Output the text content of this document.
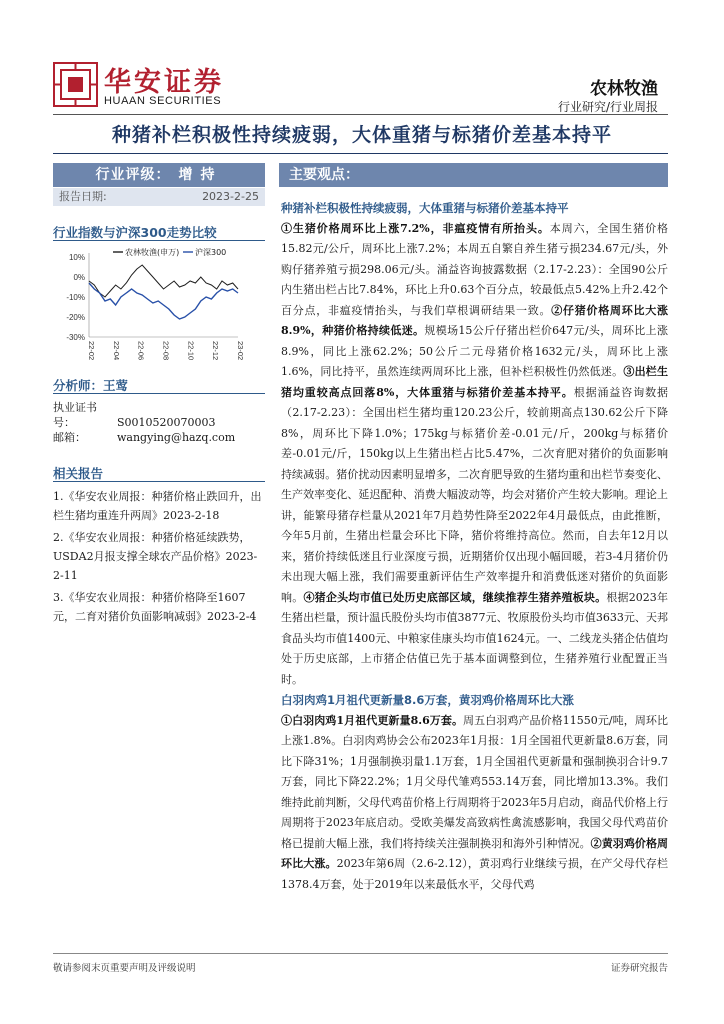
华安证券
HUAAN SECURITIES
农林牧渔
行业研究/行业周报
种猪补栏积极性持续疲弱，大体重猪与标猪价差基本持平
行业评级： 增持
报告日期:	2023-2-25
行业指数与沪深300走势比较
10%
0%
-10%
-20%
-30%
22-02 22-04 22-06 22-08 22-10 22-12 23-02
农林牧渔(申万) 沪深300
分析师：王莺
执业证书号：	S0010520070003
邮箱：	wangying@hazq.com
相关报告
1.《华安农业周报：种猪价格止跌回升，出栏生猪均重连升两周》2023-2-18
2.《华安农业周报：种猪价格延续跌势，USDA2月报支撑全球农产品价格》2023-2-11
3.《华安农业周报：种猪价格降至1607元，二育对猪价负面影响减弱》2023-2-4
主要观点：

种猪补栏积极性持续疲弱，大体重猪与标猪价差基本持平

①生猪价格周环比上涨7.2%，非瘟疫情有所抬头。本周六，全国生猪价格15.82元/公斤，周环比上涨7.2%；本周五自繁自养生猪亏损234.67元/头，外购仔猪养殖亏损298.06元/头。涌益咨询披露数据（2.17-2.23）：全国90公斤内生猪出栏占比7.84%，环比上升0.63个百分点，较最低点5.42%上升2.42个百分点，非瘟疫情抬头，与我们草根调研结果一致。②仔猪价格周环比大涨8.9%，种猪价格持续低迷。规模场15公斤仔猪出栏价647元/头，周环比上涨8.9%，同比上涨62.2%；50公斤二元母猪价格1632元/头，周环比上涨1.6%，同比持平，虽然连续两周环比上涨，但补栏积极性仍然低迷。③出栏生猪均重较高点回落8%，大体重猪与标猪价差基本持平。根据涌益咨询数据（2.17-2.23）：全国出栏生猪均重120.23公斤，较前期高点130.62公斤下降8%，周环比下降1.0%；175kg与标猪价差-0.01元/斤，200kg与标猪价差-0.01元/斤，150kg以上生猪出栏占比5.47%，二次育肥对猪价的负面影响持续减弱。猪价扰动因素明显增多，二次育肥导致的生猪均重和出栏节奏变化、生产效率变化、延迟配种、消费大幅波动等，均会对猪价产生较大影响。理论上讲，能繁母猪存栏量从2021年7月趋势性降至2022年4月最低点，由此推断，今年5月前，生猪出栏量会环比下降，猪价将维持高位。然而，自去年12月以来，猪价持续低迷且行业深度亏损，近期猪价仅出现小幅回暖，若3-4月猪价仍未出现大幅上涨，我们需要重新评估生产效率提升和消费低迷对猪价的负面影响。④猪企头均市值已处历史底部区域，继续推荐生猪养殖板块。根据2023年生猪出栏量，预计温氏股份头均市值3877元、牧原股份头均市值3633元、天邦食品头均市值1400元、中粮家佳康头均市值1624元。一、二线龙头猪企估值均处于历史底部，上市猪企估值已先于基本面调整到位，生猪养殖行业配置正当时。

白羽肉鸡1月祖代更新量8.6万套，黄羽鸡价格周环比大涨

①白羽肉鸡1月祖代更新量8.6万套。周五白羽鸡产品价格11550元/吨，周环比上涨1.8%。白羽肉鸡协会公布2023年1月报：1月全国祖代更新量8.6万套，同比下降31%；1月强制换羽量1.1万套，1月全国祖代更新量和强制换羽合计9.7万套，同比下降22.2%；1月父母代雏鸡553.14万套，同比增加13.3%。我们维持此前判断，父母代鸡苗价格上行周期将于2023年5月启动，商品代价格上行周期将于2023年底启动。受欧美爆发高致病性禽流感影响，我国父母代鸡苗价格已提前大幅上涨，我们将持续关注强制换羽和海外引种情况。②黄羽鸡价格周环比大涨。2023年第6周（2.6-2.12），黄羽鸡行业继续亏损，在产父母代存栏1378.4万套，处于2019年以来最低水平，父母代鸡

敬请参阅末页重要声明及评级说明	证券研究报告
